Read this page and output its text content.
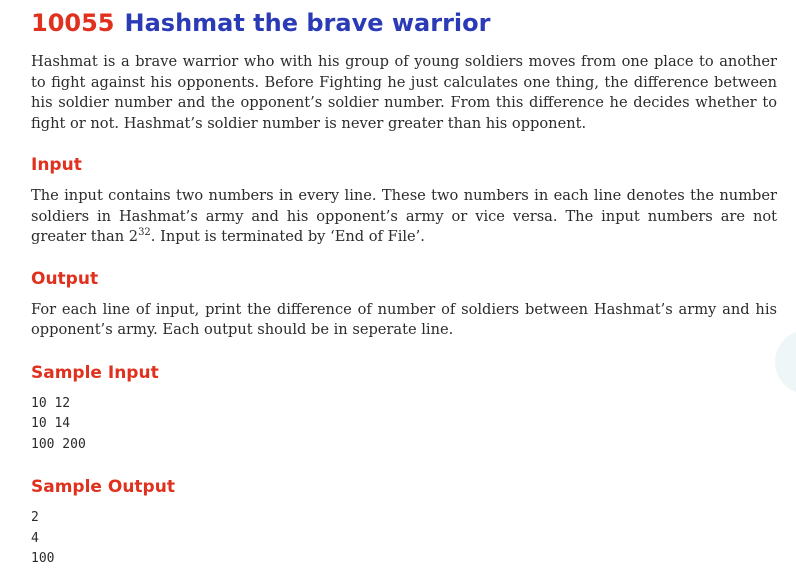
10055 Hashmat the brave warrior

Hashmat is a brave warrior who with his group of young soldiers moves from one place to another to fight against his opponents. Before Fighting he just calculates one thing, the difference between his soldier number and the opponent’s soldier number. From this difference he decides whether to fight or not. Hashmat’s soldier number is never greater than his opponent.

Input

The input contains two numbers in every line. These two numbers in each line denotes the number soldiers in Hashmat’s army and his opponent’s army or vice versa. The input numbers are not greater than $2^{32}$. Input is terminated by ‘End of File’.

Output

For each line of input, print the difference of number of soldiers between Hashmat’s army and his opponent’s army. Each output should be in seperate line.

Sample Input
10 12
10 14
100 200
Sample Output
2
4
100
